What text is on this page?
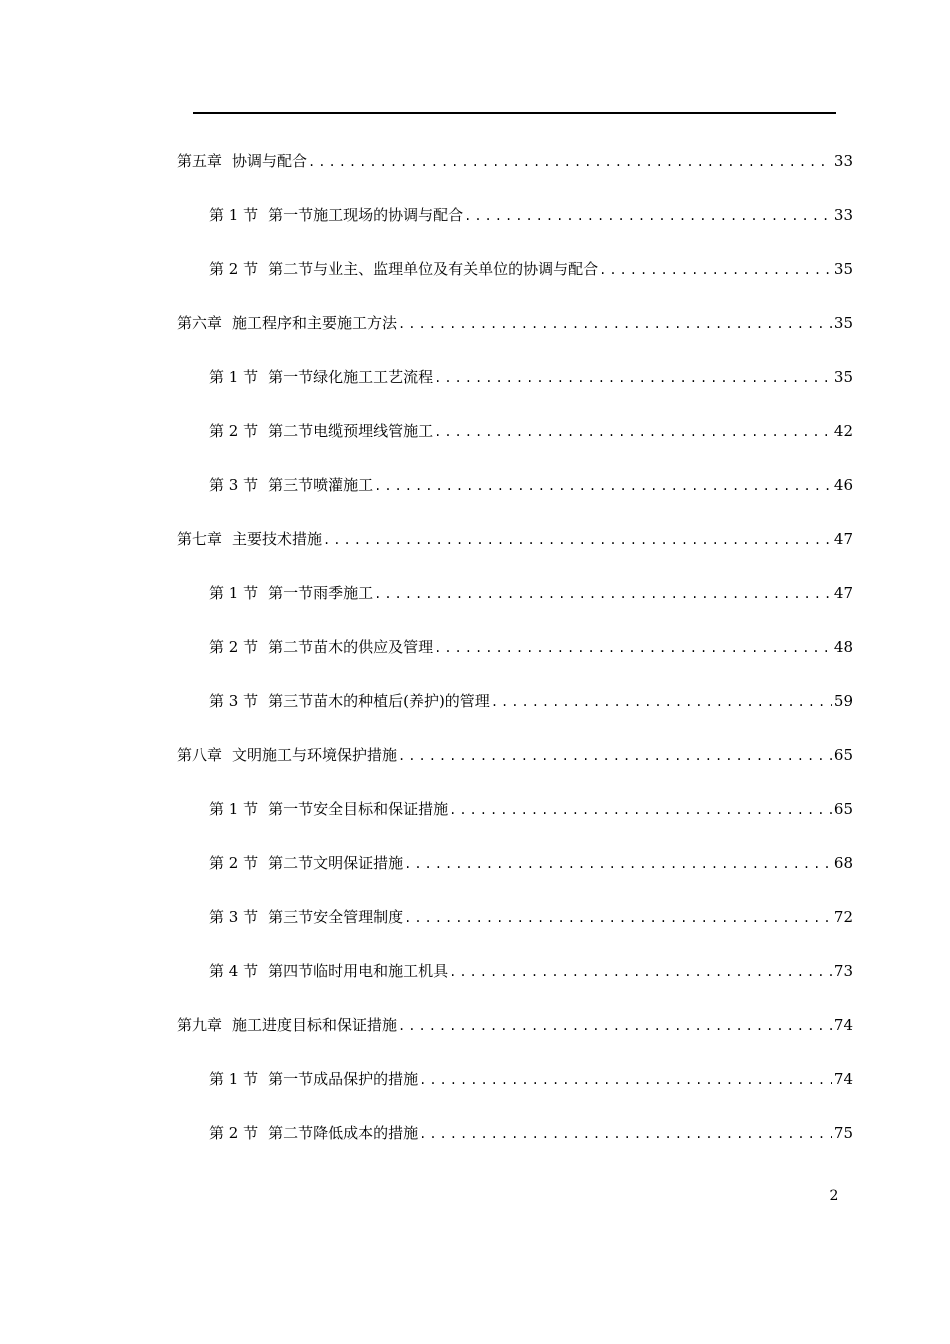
第五章 协调与配合 .....	33
第 1 节 第一节施工现场的协调与配合 .....	33
第 2 节 第二节与业主、监理单位及有关单位的协调与配合 .....	35
第六章 施工程序和主要施工方法 .....	35
第 1 节 第一节绿化施工工艺流程 .....	35
第 2 节 第二节电缆预埋线管施工 .....	42
第 3 节 第三节喷灌施工 .....	46
第七章 主要技术措施 .....	47
第 1 节 第一节雨季施工 .....	47
第 2 节 第二节苗木的供应及管理 .....	48
第 3 节 第三节苗木的种植后(养护)的管理 .....	59
第八章 文明施工与环境保护措施 .....	65
第 1 节 第一节安全目标和保证措施 .....	65
第 2 节 第二节文明保证措施 .....	68
第 3 节 第三节安全管理制度 .....	72
第 4 节 第四节临时用电和施工机具 .....	73
第九章 施工进度目标和保证措施 .....	74
第 1 节 第一节成品保护的措施 .....	74
第 2 节 第二节降低成本的措施 .....	75
2
